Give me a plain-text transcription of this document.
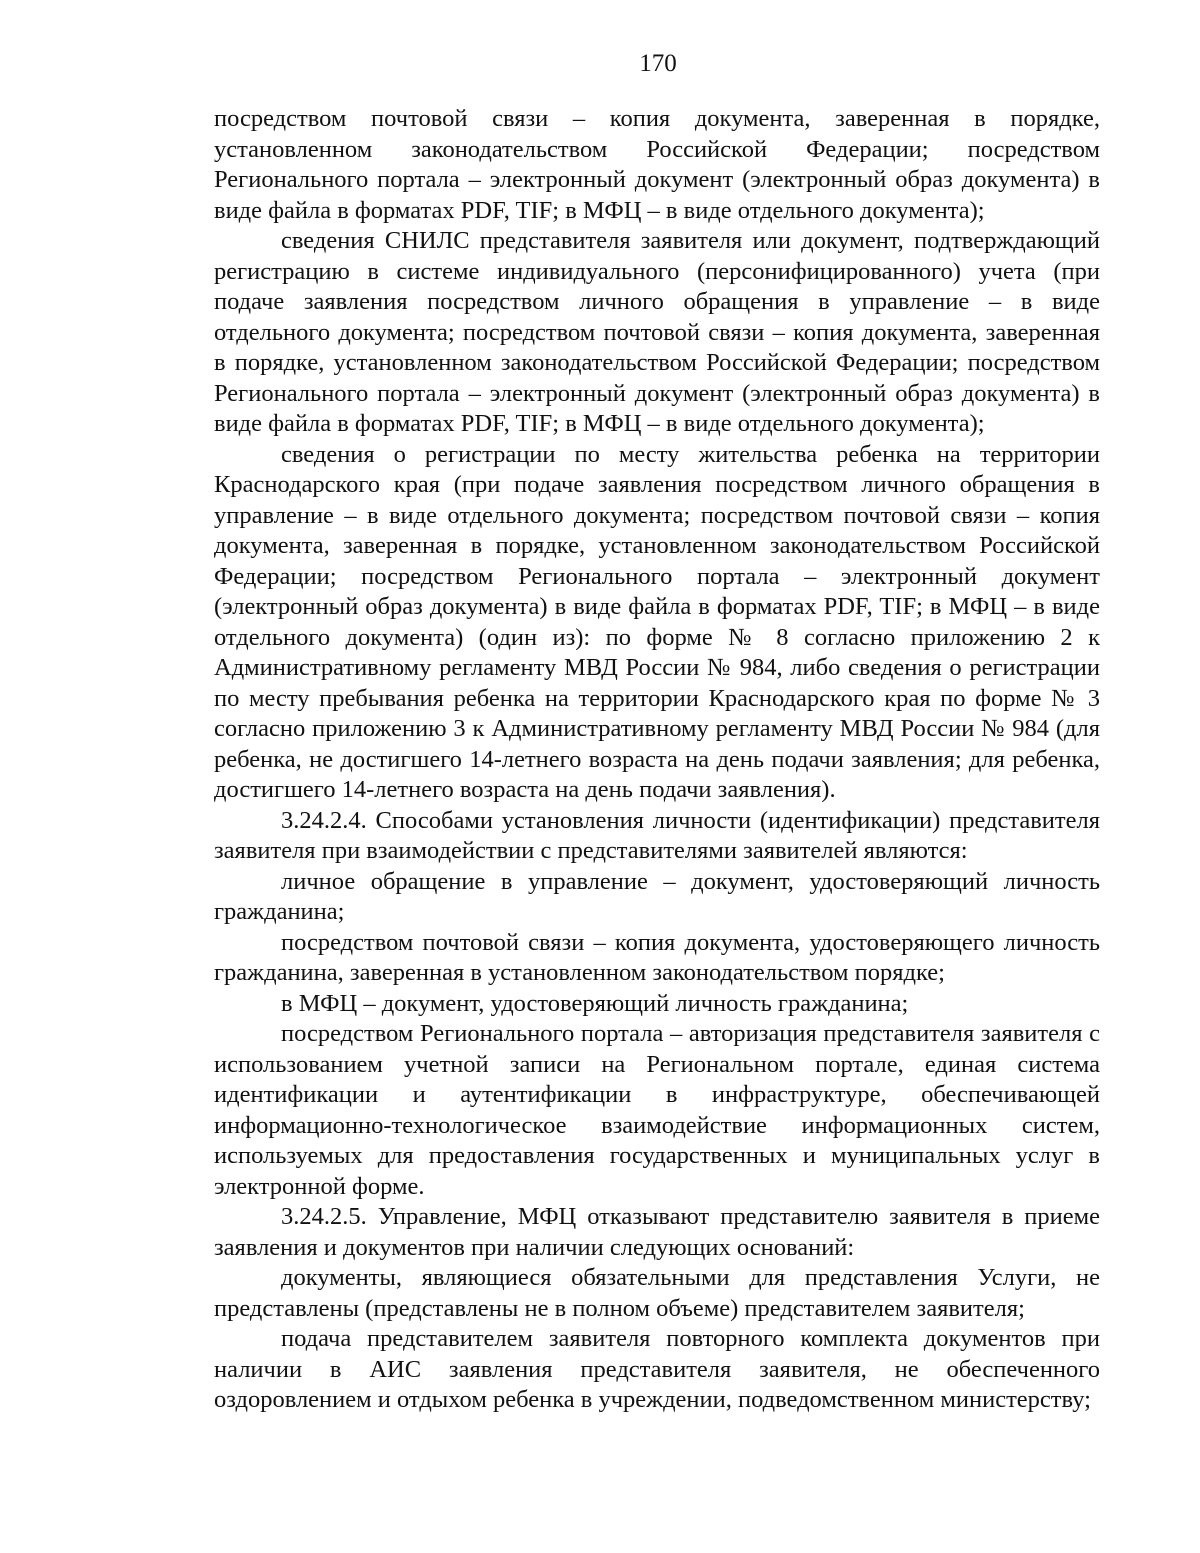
170

посредством почтовой связи – копия документа, заверенная в порядке, установленном законодательством Российской Федерации; посредством Регионального портала – электронный документ (электронный образ документа) в виде файла в форматах PDF, TIF; в МФЦ – в виде отдельного документа);

сведения СНИЛС представителя заявителя или документ, подтверждающий регистрацию в системе индивидуального (персонифицированного) учета (при подаче заявления посредством личного обращения в управление – в виде отдельного документа; посредством почтовой связи – копия документа, заверенная в порядке, установленном законодательством Российской Федерации; посредством Регионального портала – электронный документ (электронный образ документа) в виде файла в форматах PDF, TIF; в МФЦ – в виде отдельного документа);

сведения о регистрации по месту жительства ребенка на территории Краснодарского края (при подаче заявления посредством личного обращения в управление – в виде отдельного документа; посредством почтовой связи – копия документа, заверенная в порядке, установленном законодательством Российской Федерации; посредством Регионального портала – электронный документ (электронный образ документа) в виде файла в форматах PDF, TIF; в МФЦ – в виде отдельного документа) (один из): по форме № 8 согласно приложению 2 к Административному регламенту МВД России № 984, либо сведения о регистрации по месту пребывания ребенка на территории Краснодарского края по форме № 3 согласно приложению 3 к Административному регламенту МВД России № 984 (для ребенка, не достигшего 14-летнего возраста на день подачи заявления; для ребенка, достигшего 14-летнего возраста на день подачи заявления).

3.24.2.4. Способами установления личности (идентификации) представителя заявителя при взаимодействии с представителями заявителей являются:

личное обращение в управление – документ, удостоверяющий личность гражданина;

посредством почтовой связи – копия документа, удостоверяющего личность гражданина, заверенная в установленном законодательством порядке;

в МФЦ – документ, удостоверяющий личность гражданина;

посредством Регионального портала – авторизация представителя заявителя с использованием учетной записи на Региональном портале, единая система идентификации и аутентификации в инфраструктуре, обеспечивающей информационно-технологическое взаимодействие информационных систем, используемых для предоставления государственных и муниципальных услуг в электронной форме.

3.24.2.5. Управление, МФЦ отказывают представителю заявителя в приеме заявления и документов при наличии следующих оснований:

документы, являющиеся обязательными для представления Услуги, не представлены (представлены не в полном объеме) представителем заявителя;

подача представителем заявителя повторного комплекта документов при наличии в АИС заявления представителя заявителя, не обеспеченного оздоровлением и отдыхом ребенка в учреждении, подведомственном министерству;
